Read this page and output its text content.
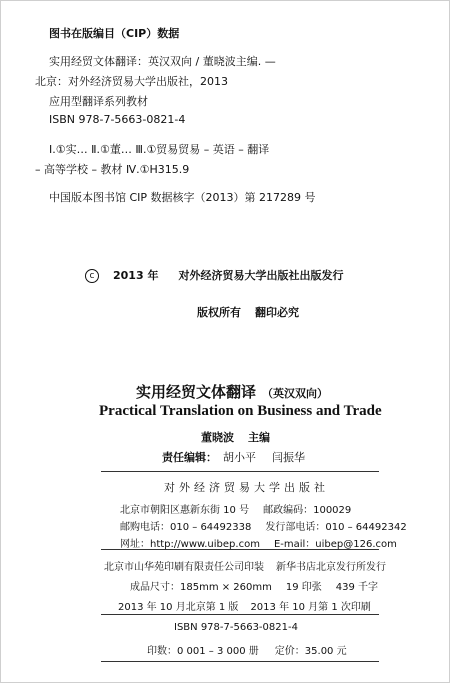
图书在版编目（CIP）数据
实用经贸文体翻译：英汉双向 / 董晓波主编. —
北京：对外经济贸易大学出版社，2013
应用型翻译系列教材
ISBN 978-7-5663-0821-4
Ⅰ.①实… Ⅱ.①董… Ⅲ.①贸易贸易 – 英语 – 翻译
– 高等学校 – 教材 Ⅳ.①H315.9
中国版本图书馆 CIP 数据核字（2013）第 217289 号
c 2013 年 对外经济贸易大学出版社出版发行
版权所有 翻印必究
实用经贸文体翻译 （英汉双向）
Practical Translation on Business and Trade
董晓波 主编
责任编辑： 胡小平 闫振华
对外经济贸易大学出版社
北京市朝阳区惠新东街 10 号 邮政编码：100029
邮购电话：010 – 64492338 发行部电话：010 – 64492342
网址：http://www.uibep.com E-mail：uibep@126.com
北京市山华苑印刷有限责任公司印装 新华书店北京发行所发行
成品尺寸：185mm × 260mm 19 印张 439 千字
2013 年 10 月北京第 1 版 2013 年 10 月第 1 次印刷
ISBN 978-7-5663-0821-4
印数：0 001 – 3 000 册 定价：35.00 元
